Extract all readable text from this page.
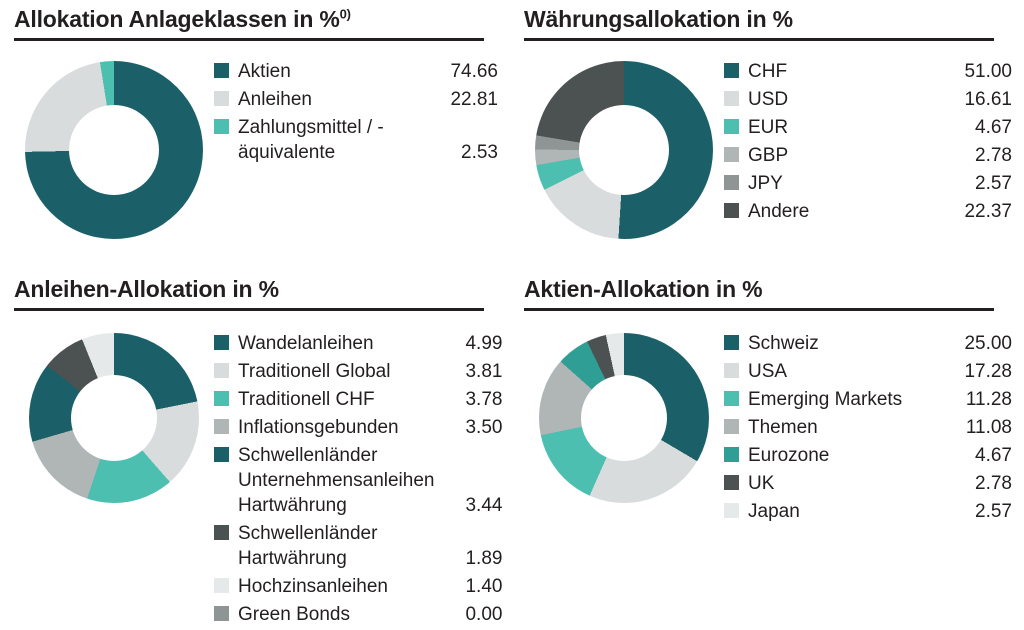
Allokation Anlageklassen in %$^{0)}$
Aktien	74.66
Anleihen	22.81
Zahlungsmittel / -
äquivalente	2.53
Währungsallokation in %
CHF	51.00
USD	16.61
EUR	4.67
GBP	2.78
JPY	2.57
Andere	22.37
Anleihen-Allokation in %
Wandelanleihen	4.99
Traditionell Global	3.81
Traditionell CHF	3.78
Inflationsgebunden	3.50
Schwellenländer
Unternehmensanleihen
Hartwährung	3.44
Schwellenländer
Hartwährung	1.89
Hochzinsanleihen	1.40
Green Bonds	0.00
Aktien-Allokation in %
Schweiz	25.00
USA	17.28
Emerging Markets	11.28
Themen	11.08
Eurozone	4.67
UK	2.78
Japan	2.57
